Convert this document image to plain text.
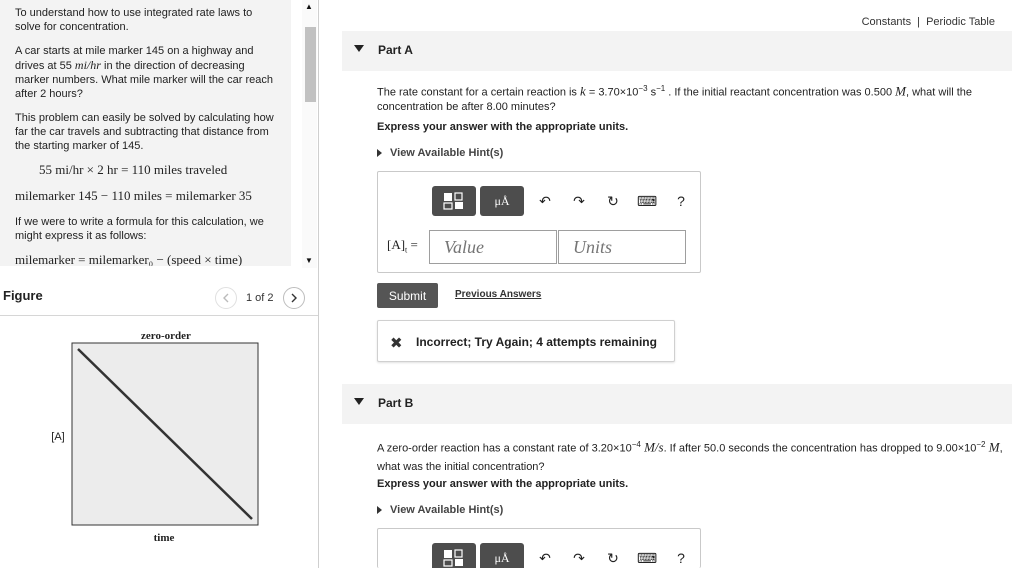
To understand how to use integrated rate laws to solve for concentration.

A car starts at mile marker 145 on a highway and drives at 55 mi/hr in the direction of decreasing marker numbers. What mile marker will the car reach after 2 hours?

This problem can easily be solved by calculating how far the car travels and subtracting that distance from the starting marker of 145.

55 mi/hr × 2 hr = 110 miles traveled
milemarker 145 − 110 miles = milemarker 35

If we were to write a formula for this calculation, we might express it as follows:

milemarker = milemarker₀ − (speed × time)
▲
▼
Figure	1 of 2
zero-order
[A]
time
Constants | Periodic Table
Part A
The rate constant for a certain reaction is $k = 3.70\times 10^{-3}$ $s^{-1}$ . If the initial reactant concentration was 0.500 M, what will the concentration be after 8.00 minutes?
Express your answer with the appropriate units.
View Available Hint(s)
μÅ	↶	↷	↻	⌨	?
$[A]_t$ =
Value
Units
Submit	Previous Answers
✖ Incorrect; Try Again; 4 attempts remaining
Part B
A zero-order reaction has a constant rate of $3.20\times 10^{-4}$ M/s. If after 50.0 seconds the concentration has dropped to $9.00\times 10^{-2}$ M, what was the initial concentration?
Express your answer with the appropriate units.
View Available Hint(s)
μÅ	↶	↷	↻	⌨	?
